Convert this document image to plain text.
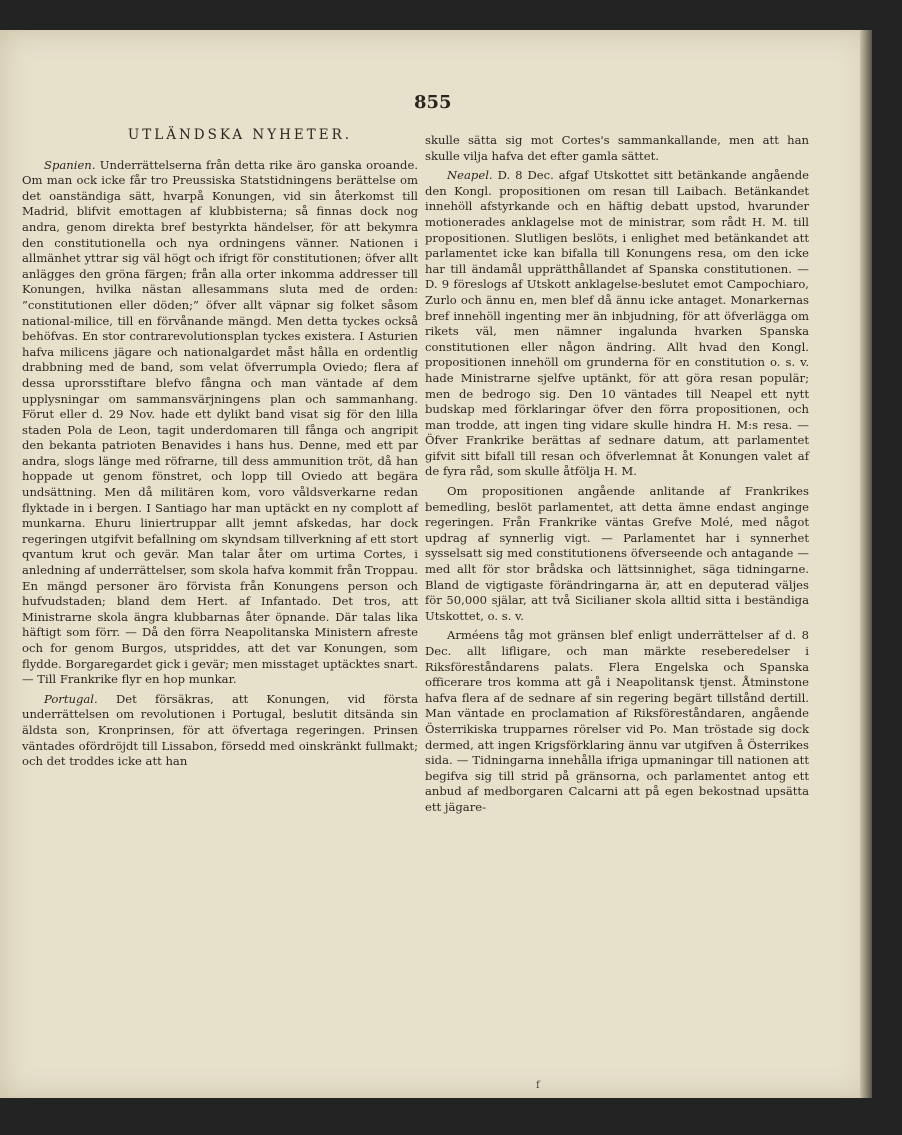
855
UTLÄNDSKA NYHETER.

Spanien. Underrättelserna från detta rike äro ganska oroande. Om man ock icke får tro Preussiska Statstidningens berättelse om det oanständiga sätt, hvarpå Konungen, vid sin återkomst till Madrid, blifvit emottagen af klubbisterna; så finnas dock nog andra, genom direkta bref bestyrkta händelser, för att bekymra den constitutionella och nya ordningens vänner. Nationen i allmänhet yttrar sig väl högt och ifrigt för constitutionen; öfver allt anlägges den gröna färgen; från alla orter inkomma addresser till Konungen, hvilka nästan allesammans sluta med de orden: ”constitutionen eller döden;” öfver allt väpnar sig folket såsom national-milice, till en förvånande mängd. Men detta tyckes också behöfvas. En stor contrarevolutionsplan tyckes existera. I Asturien hafva milicens jägare och nationalgardet måst hålla en ordentlig drabbning med de band, som velat öfverrumpla Oviedo; flera af dessa uprorsstiftare blefvo fångna och man väntade af dem upplysningar om sammansvärjningens plan och sammanhang. Förut eller d. 29 Nov. hade ett dylikt band visat sig för den lilla staden Pola de Leon, tagit underdomaren till fånga och angripit den bekanta patrioten Benavides i hans hus. Denne, med ett par andra, slogs länge med röfrarne, till dess ammunition tröt, då han hoppade ut genom fönstret, och lopp till Oviedo att begära undsättning. Men då militären kom, voro våldsverkarne redan flyktade in i bergen. I Santiago har man uptäckt en ny complott af munkarna. Ehuru liniertruppar allt jemnt afskedas, har dock regeringen utgifvit befallning om skyndsam tillverkning af ett stort qvantum krut och gevär. Man talar åter om urtima Cortes, i anledning af underrättelser, som skola hafva kommit från Troppau. En mängd personer äro förvista från Konungens person och hufvudstaden; bland dem Hert. af Infantado. Det tros, att Ministrarne skola ängra klubbarnas åter öpnande. Där talas lika häftigt som förr. — Då den förra Neapolitanska Ministern afreste och for genom Burgos, utspriddes, att det var Konungen, som flydde. Borgaregardet gick i gevär; men misstaget uptäcktes snart. — Till Frankrike flyr en hop munkar.

Portugal. Det försäkras, att Konungen, vid första underrättelsen om revolutionen i Portugal, beslutit ditsända sin äldsta son, Kronprinsen, för att öfvertaga regeringen. Prinsen väntades ofördröjdt till Lissabon, försedd med oinskränkt fullmakt; och det troddes icke att han

skulle sätta sig mot Cortes's sammankallande, men att han skulle vilja hafva det efter gamla sättet.

Neapel. D. 8 Dec. afgaf Utskottet sitt betänkande angående den Kongl. propositionen om resan till Laibach. Betänkandet innehöll afstyrkande och en häftig debatt upstod, hvarunder motionerades anklagelse mot de ministrar, som rådt H. M. till propositionen. Slutligen beslöts, i enlighet med betänkandet att parlamentet icke kan bifalla till Konungens resa, om den icke har till ändamål upprätthållandet af Spanska constitutionen. — D. 9 föreslogs af Utskott anklagelse-beslutet emot Campochiaro, Zurlo och ännu en, men blef då ännu icke antaget. Monarkernas bref innehöll ingenting mer än inbjudning, för att öfverlägga om rikets väl, men nämner ingalunda hvarken Spanska constitutionen eller någon ändring. Allt hvad den Kongl. propositionen innehöll om grunderna för en constitution o. s. v. hade Ministrarne sjelfve uptänkt, för att göra resan populär; men de bedrogo sig. Den 10 väntades till Neapel ett nytt budskap med förklaringar öfver den förra propositionen, och man trodde, att ingen ting vidare skulle hindra H. M:s resa. — Öfver Frankrike berättas af sednare datum, att parlamentet gifvit sitt bifall till resan och öfverlemnat åt Konungen valet af de fyra råd, som skulle åtfölja H. M.

Om propositionen angående anlitande af Frankrikes bemedling, beslöt parlamentet, att detta ämne endast anginge regeringen. Från Frankrike väntas Grefve Molé, med något updrag af synnerlig vigt. — Parlamentet har i synnerhet sysselsatt sig med constitutionens öfverseende och antagande — med allt för stor brådska och lättsinnighet, säga tidningarne. Bland de vigtigaste förändringarna är, att en deputerad väljes för 50,000 själar, att två Sicilianer skola alltid sitta i beständiga Utskottet, o. s. v.

Arméens tåg mot gränsen blef enligt underrättelser af d. 8 Dec. allt lifligare, och man märkte reseberedelser i Riksföreståndarens palats. Flera Engelska och Spanska officerare tros komma att gå i Neapolitansk tjenst. Åtminstone hafva flera af de sednare af sin regering begärt tillstånd dertill. Man väntade en proclamation af Riksföreståndaren, angående Österrikiska trupparnes rörelser vid Po. Man tröstade sig dock dermed, att ingen Krigsförklaring ännu var utgifven å Österrikes sida. — Tidningarna innehålla ifriga upmaningar till nationen att begifva sig till strid på gränsorna, och parlamentet antog ett anbud af medborgaren Calcarni att på egen bekostnad upsätta ett jägare-

f
